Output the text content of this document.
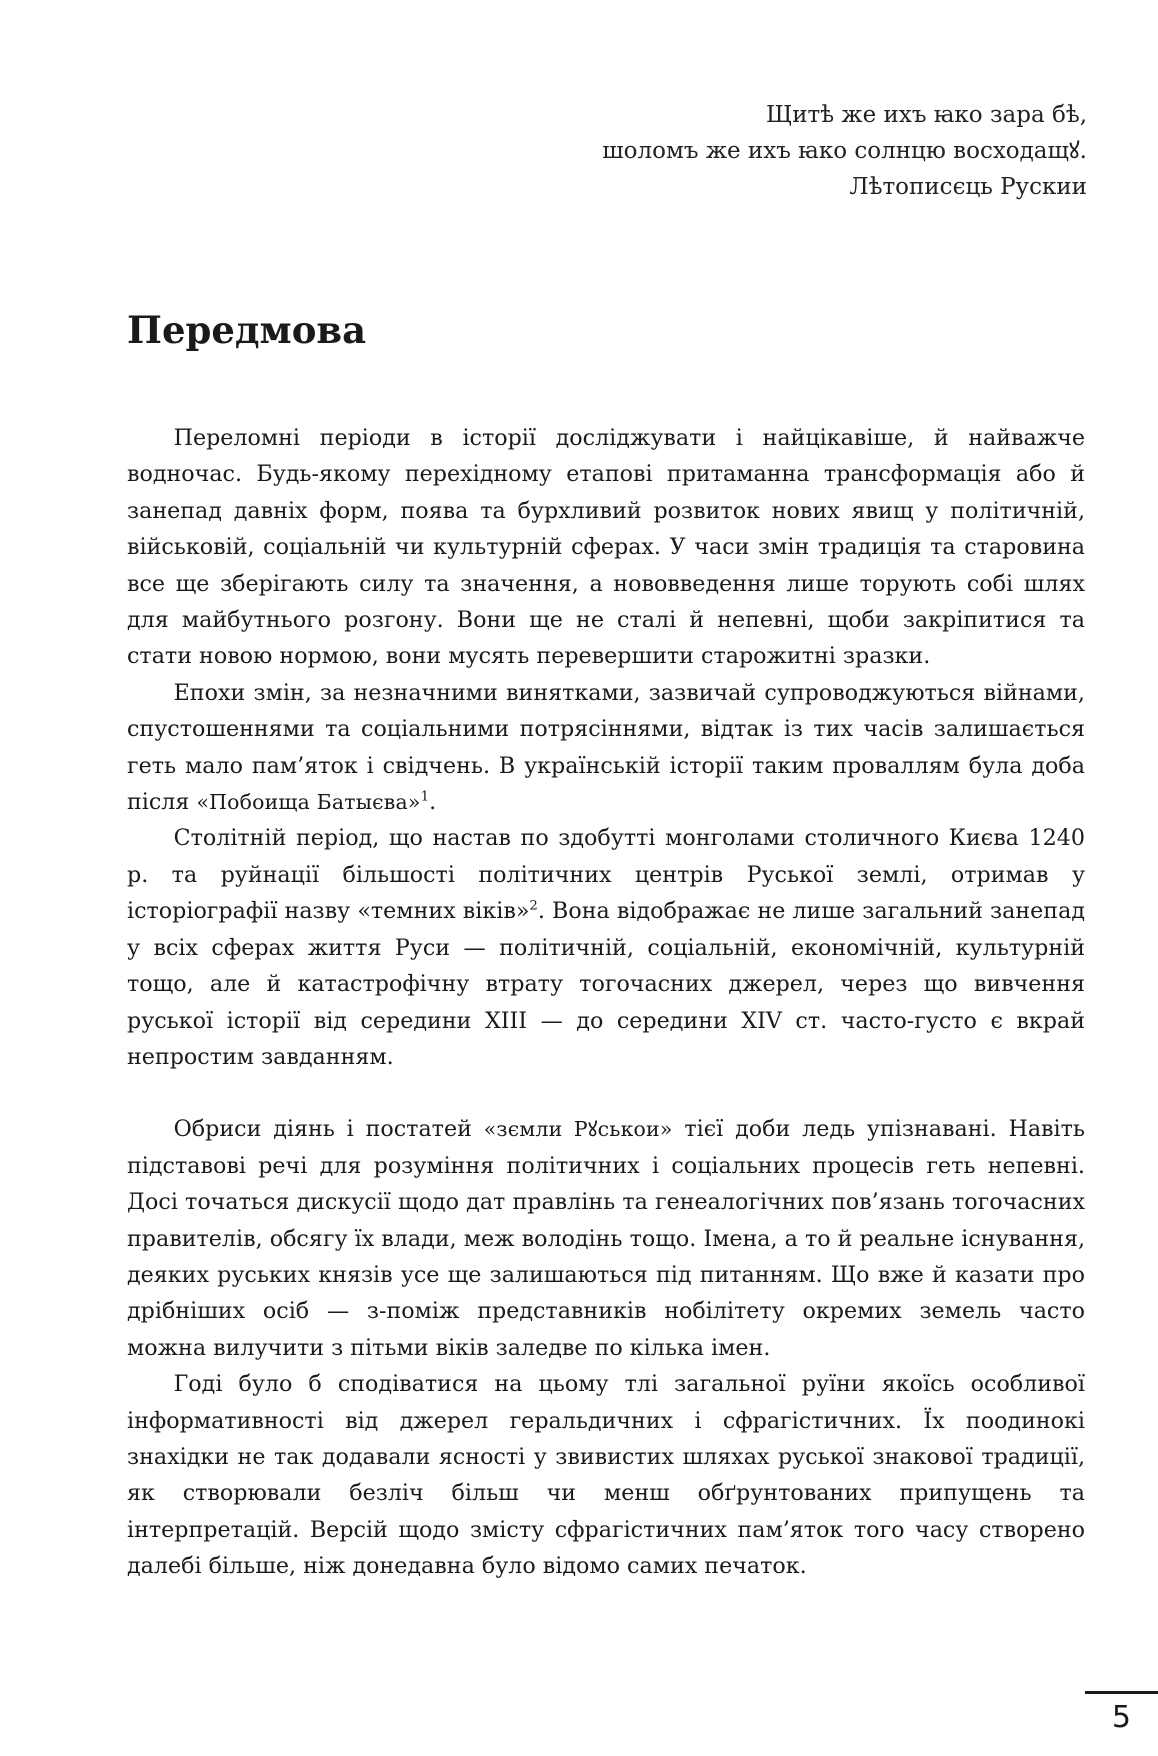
Щитѣ же ихъ ꙗко зара бѣ,
шоломъ же ихъ ꙗко солнцю восходащꙋ.
Лѣтописєць Рускии
Передмова

Переломні періоди в історії досліджувати і найцікавіше, й найважче водночас. Будь-якому перехідному етапові притаманна трансформація або й занепад давніх форм, поява та бурхливий розвиток нових явищ у політичній, військовій, соціальній чи культурній сферах. У часи змін традиція та старовина все ще зберігають силу та значення, а нововведення лише торують собі шлях для майбутнього розгону. Вони ще не сталі й непевні, щоби закріпитися та стати новою нормою, вони мусять перевершити старожитні зразки.

Епохи змін, за незначними винятками, зазвичай супроводжуються війнами, спустошеннями та соціальними потрясіннями, відтак із тих часів залишається геть мало пам’яток і свідчень. В українській історії таким проваллям була доба після «Побоища Батыєва»$^1$.

Столітній період, що настав по здобутті монголами столичного Києва 1240 р. та руйнації більшості політичних центрів Руської землі, отримав у історіографії назву «темних віків»$^2$. Вона відображає не лише загальний занепад у всіх сферах життя Руси — політичній, соціальній, економічній, культурній тощо, але й катастрофічну втрату тогочасних джерел, через що вивчення руської історії від середини XIII — до середини XIV ст. часто-густо є вкрай непростим завданням.

Обриси діянь і постатей «зємли Рꙋськои» тієї доби ледь упізнавані. Навіть підставові речі для розуміння політичних і соціальних процесів геть непевні. Досі точаться дискусії щодо дат правлінь та генеалогічних пов’язань тогочасних правителів, обсягу їх влади, меж володінь тощо. Імена, а то й реальне існування, деяких руських князів усе ще залишаються під питанням. Що вже й казати про дрібніших осіб — з-поміж представників нобілітету окремих земель часто можна вилучити з пітьми віків заледве по кілька імен.

Годі було б сподіватися на цьому тлі загальної руїни якоїсь особливої інформативності від джерел геральдичних і сфрагістичних. Їх поодинокі знахідки не так додавали ясності у звивистих шляхах руської знакової традиції, як створювали безліч більш чи менш обґрунтованих припущень та інтерпретацій. Версій щодо змісту сфрагістичних пам’яток того часу створено далебі більше, ніж донедавна було відомо самих печаток.

5
